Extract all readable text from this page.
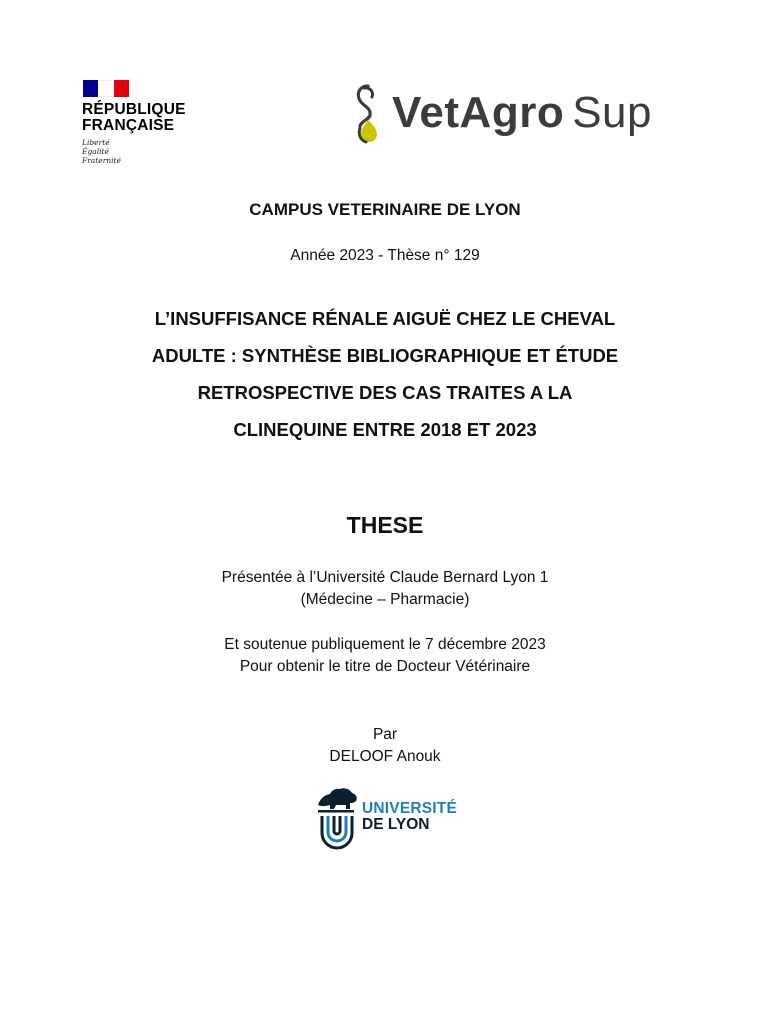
RÉPUBLIQUE
FRANÇAISE
Liberté
Égalité
Fraternité
VetAgro Sup
CAMPUS VETERINAIRE DE LYON
Année 2023 - Thèse n° 129
L’INSUFFISANCE RÉNALE AIGUË CHEZ LE CHEVAL
ADULTE : SYNTHÈSE BIBLIOGRAPHIQUE ET ÉTUDE
RETROSPECTIVE DES CAS TRAITES A LA
CLINEQUINE ENTRE 2018 ET 2023
THESE
Présentée à l’Université Claude Bernard Lyon 1
(Médecine – Pharmacie)
Et soutenue publiquement le 7 décembre 2023
Pour obtenir le titre de Docteur Vétérinaire
Par
DELOOF Anouk
UNIVERSITÉ
DE LYON
